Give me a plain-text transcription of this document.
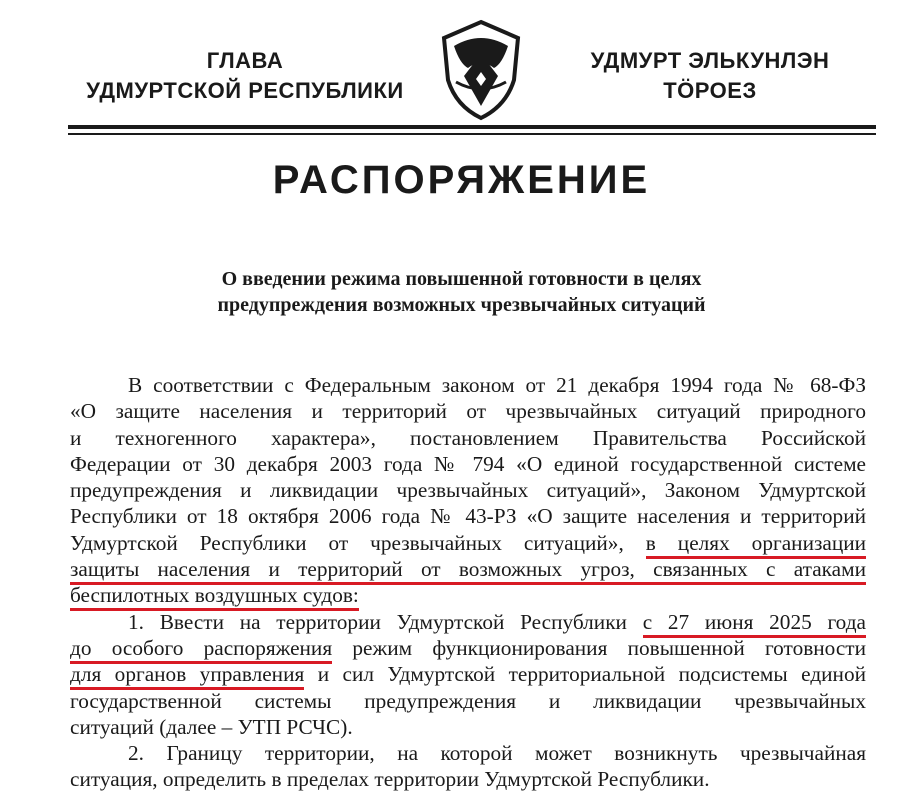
ГЛАВА
УДМУРТСКОЙ РЕСПУБЛИКИ
УДМУРТ ЭЛЬКУНЛЭН
ТӦРОЕЗ
РАСПОРЯЖЕНИЕ
О введении режима повышенной готовности в целях
предупреждения возможных чрезвычайных ситуаций

В соответствии с Федеральным законом от 21 декабря 1994 года № 68-ФЗ

«О защите населения и территорий от чрезвычайных ситуаций природного

и техногенного характера», постановлением Правительства Российской

Федерации от 30 декабря 2003 года № 794 «О единой государственной системе

предупреждения и ликвидации чрезвычайных ситуаций», Законом Удмуртской

Республики от 18 октября 2006 года № 43-РЗ «О защите населения и территорий

Удмуртской Республики от чрезвычайных ситуаций», в целях организации

защиты населения и территорий от возможных угроз, связанных с атаками

беспилотных воздушных судов:

1. Ввести на территории Удмуртской Республики с 27 июня 2025 года

до особого распоряжения режим функционирования повышенной готовности

для органов управления и сил Удмуртской территориальной подсистемы единой

государственной системы предупреждения и ликвидации чрезвычайных

ситуаций (далее – УТП РСЧС).

2. Границу территории, на которой может возникнуть чрезвычайная

ситуация, определить в пределах территории Удмуртской Республики.
